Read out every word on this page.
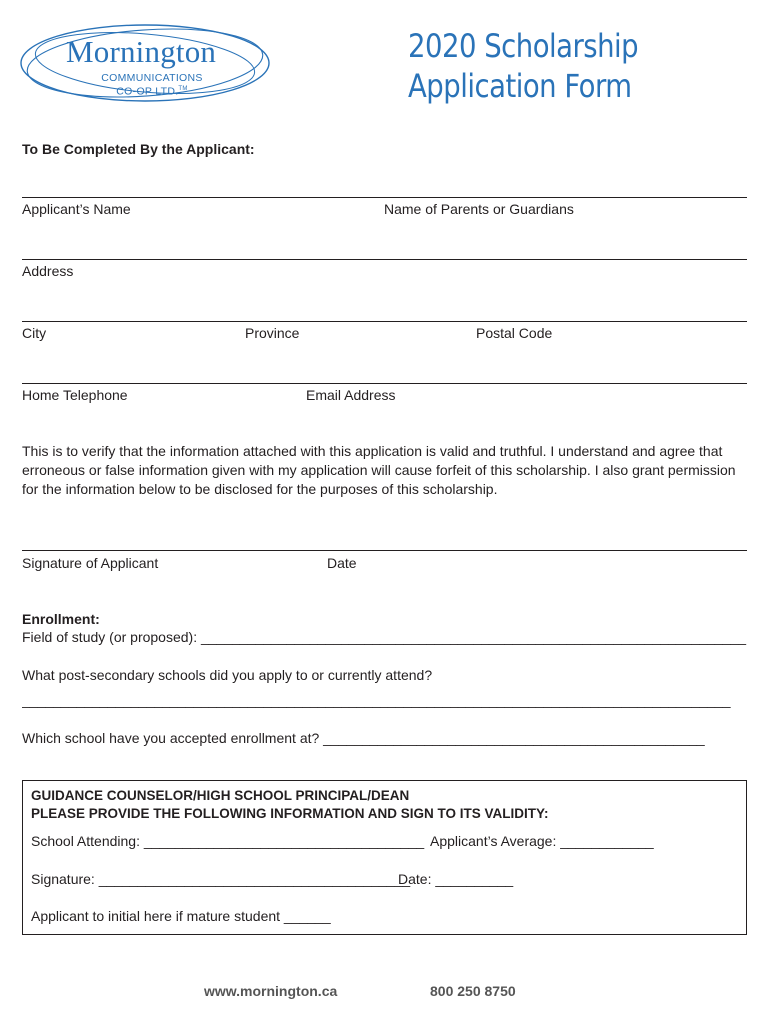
Mornington
COMMUNICATIONS
CO-OP LTD.™
2020 Scholarship
Application Form
To Be Completed By the Applicant:
Applicant’s Name	Name of Parents or Guardians
Address
City	Province	Postal Code
Home Telephone	Email Address
This is to verify that the information attached with this application is valid and truthful. I understand and agree that erroneous or false information given with my application will cause forfeit of this scholarship. I also grant permission for the information below to be disclosed for the purposes of this scholarship.
Signature of Applicant	Date
Enrollment:
Field of study (or proposed): ______________________________________________________________________
What post-secondary schools did you apply to or currently attend?
___________________________________________________________________________________________
Which school have you accepted enrollment at? _________________________________________________
GUIDANCE COUNSELOR/HIGH SCHOOL PRINCIPAL/DEAN
PLEASE PROVIDE THE FOLLOWING INFORMATION AND SIGN TO ITS VALIDITY:
School Attending: ____________________________________ Applicant’s Average: ____________
Signature: ________________________________________
Date: __________
Applicant to initial here if mature student ______
www.mornington.ca	800 250 8750
